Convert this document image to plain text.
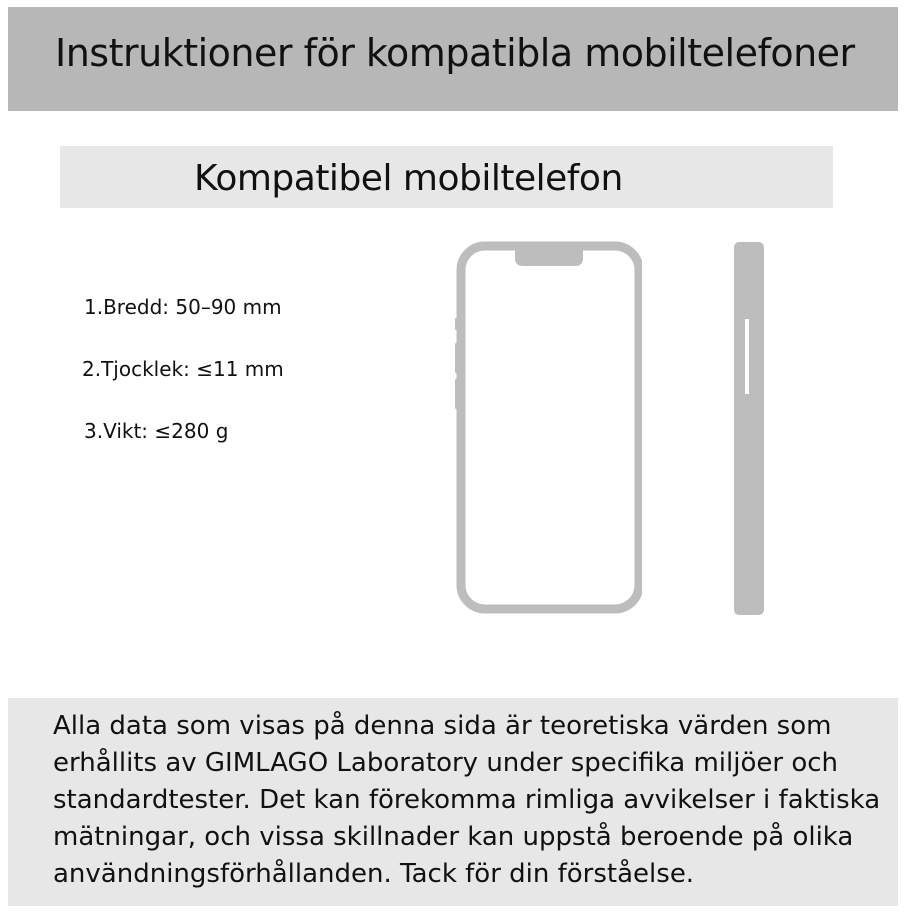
Instruktioner för kompatibla mobiltelefoner
Kompatibel mobiltelefon
1.Bredd: 50–90 mm
2.Tjocklek: ≤11 mm
3.Vikt: ≤280 g
Alla data som visas på denna sida är teoretiska värden som erhållits av GIMLAGO Laboratory under specifika miljöer och standardtester. Det kan förekomma rimliga avvikelser i faktiska mätningar, och vissa skillnader kan uppstå beroende på olika användningsförhållanden. Tack för din förståelse.
